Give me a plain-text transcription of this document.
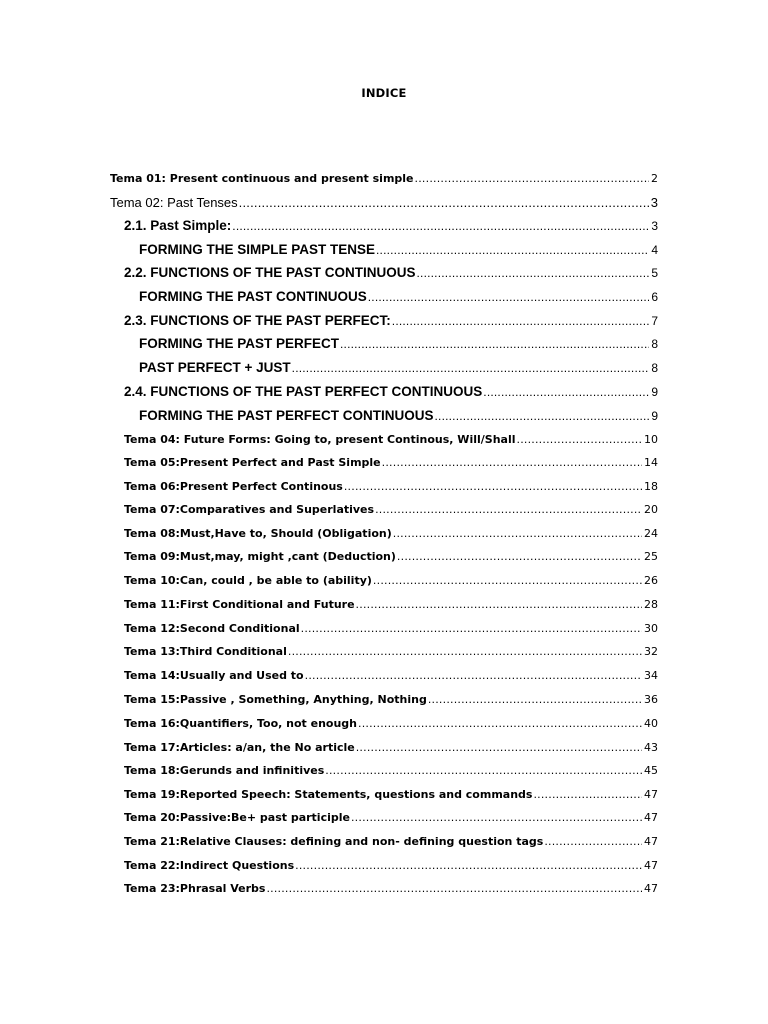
INDICE
Tema 01: Present continuous and present simple .....	2
Tema 02: Past Tenses .....	3
2.1. Past Simple: .....	3
FORMING THE SIMPLE PAST TENSE .....	4
2.2. FUNCTIONS OF THE PAST CONTINUOUS .....	5
FORMING THE PAST CONTINUOUS .....	6
2.3. FUNCTIONS OF THE PAST PERFECT: .....	7
FORMING THE PAST PERFECT .....	8
PAST PERFECT + JUST .....	8
2.4. FUNCTIONS OF THE PAST PERFECT CONTINUOUS .....	9
FORMING THE PAST PERFECT CONTINUOUS .....	9
Tema 04: Future Forms: Going to, present Continous, Will/Shall .....	10
Tema 05:Present Perfect and Past Simple .....	14
Tema 06:Present Perfect Continous .....	18
Tema 07:Comparatives and Superlatives .....	20
Tema 08:Must,Have to, Should (Obligation) .....	24
Tema 09:Must,may, might ,cant (Deduction) .....	25
Tema 10:Can, could , be able to (ability) .....	26
Tema 11:First Conditional and Future .....	28
Tema 12:Second Conditional .....	30
Tema 13:Third Conditional .....	32
Tema 14:Usually and Used to .....	34
Tema 15:Passive , Something, Anything, Nothing .....	36
Tema 16:Quantifiers, Too, not enough .....	40
Tema 17:Articles: a/an, the No article .....	43
Tema 18:Gerunds and infinitives .....	45
Tema 19:Reported Speech: Statements, questions and commands .....	47
Tema 20:Passive:Be+ past participle .....	47
Tema 21:Relative Clauses: defining and non- defining question tags .....	47
Tema 22:Indirect Questions .....	47
Tema 23:Phrasal Verbs .....	47
